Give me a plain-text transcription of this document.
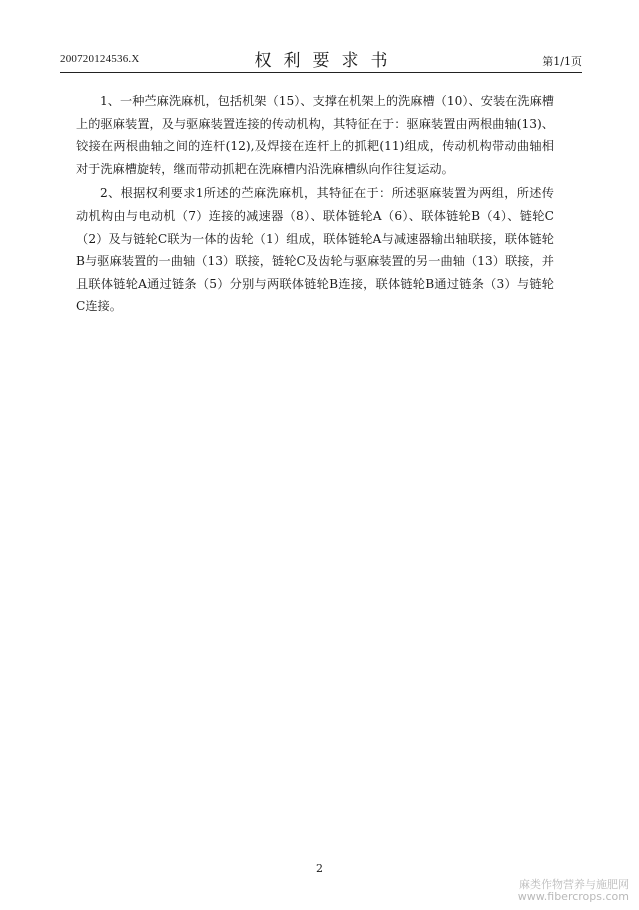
200720124536.X	权利要求书	第1/1页

1、一种苎麻洗麻机，包括机架（15）、支撑在机架上的洗麻槽（10）、安装在洗麻槽上的驱麻装置，及与驱麻装置连接的传动机构，其特征在于：驱麻装置由两根曲轴(13)、铰接在两根曲轴之间的连杆(12),及焊接在连杆上的抓耙(11)组成，传动机构带动曲轴相对于洗麻槽旋转，继而带动抓耙在洗麻槽内沿洗麻槽纵向作往复运动。

2、根据权利要求1所述的苎麻洗麻机，其特征在于：所述驱麻装置为两组，所述传动机构由与电动机（7）连接的减速器（8）、联体链轮A（6）、联体链轮B（4）、链轮C（2）及与链轮C联为一体的齿轮（1）组成，联体链轮A与减速器输出轴联接，联体链轮B与驱麻装置的一曲轴（13）联接，链轮C及齿轮与驱麻装置的另一曲轴（13）联接，并且联体链轮A通过链条（5）分别与两联体链轮B连接，联体链轮B通过链条（3）与链轮C连接。

2
麻类作物营养与施肥网
www.fibercrops.com
